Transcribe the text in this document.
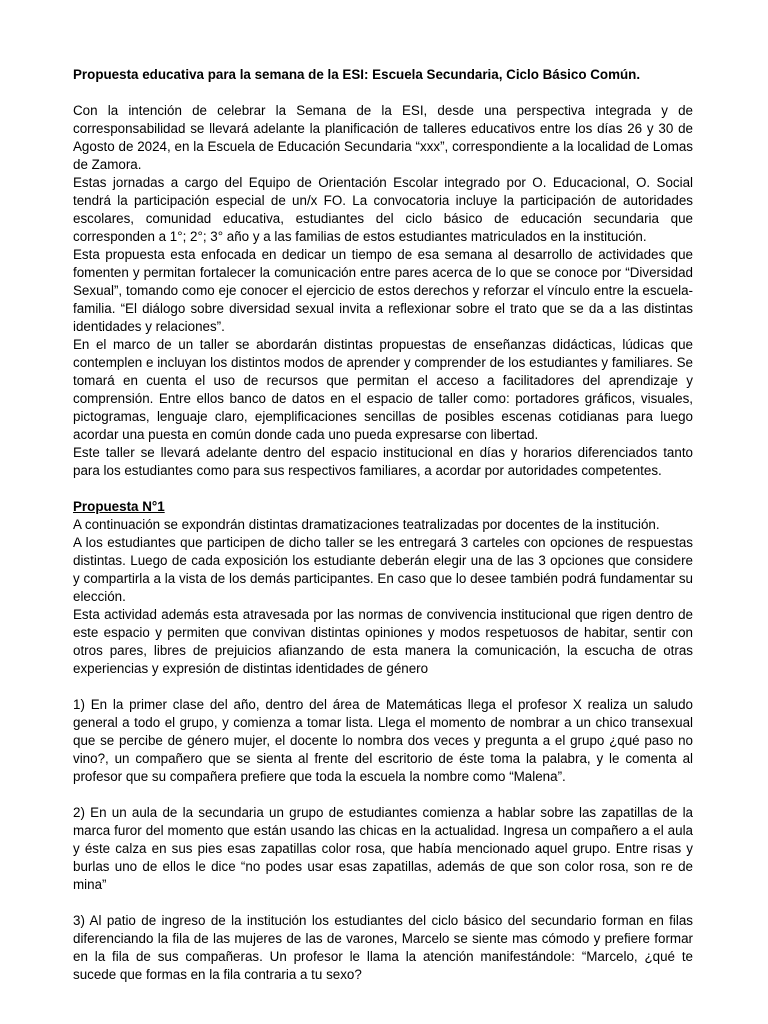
Propuesta educativa para la semana de la ESI: Escuela Secundaria, Ciclo Básico Común.

Con la intención de celebrar la Semana de la ESI, desde una perspectiva integrada y de corresponsabilidad se llevará adelante la planificación de talleres educativos entre los días 26 y 30 de Agosto de 2024, en la Escuela de Educación Secundaria “xxx”, correspondiente a la localidad de Lomas de Zamora.

Estas jornadas a cargo del Equipo de Orientación Escolar integrado por O. Educacional, O. Social tendrá la participación especial de un/x FO. La convocatoria incluye la participación de autoridades escolares, comunidad educativa, estudiantes del ciclo básico de educación secundaria que corresponden a 1°; 2°; 3° año y a las familias de estos estudiantes matriculados en la institución.

Esta propuesta esta enfocada en dedicar un tiempo de esa semana al desarrollo de actividades que fomenten y permitan fortalecer la comunicación entre pares acerca de lo que se conoce por “Diversidad Sexual”, tomando como eje conocer el ejercicio de estos derechos y reforzar el vínculo entre la escuela-familia. “El diálogo sobre diversidad sexual invita a reflexionar sobre el trato que se da a las distintas identidades y relaciones”.

En el marco de un taller se abordarán distintas propuestas de enseñanzas didácticas, lúdicas que contemplen e incluyan los distintos modos de aprender y comprender de los estudiantes y familiares. Se tomará en cuenta el uso de recursos que permitan el acceso a facilitadores del aprendizaje y comprensión. Entre ellos banco de datos en el espacio de taller como: portadores gráficos, visuales, pictogramas, lenguaje claro, ejemplificaciones sencillas de posibles escenas cotidianas para luego acordar una puesta en común donde cada uno pueda expresarse con libertad.

Este taller se llevará adelante dentro del espacio institucional en días y horarios diferenciados tanto para los estudiantes como para sus respectivos familiares, a acordar por autoridades competentes.

Propuesta N°1

A continuación se expondrán distintas dramatizaciones teatralizadas por docentes de la institución.

A los estudiantes que participen de dicho taller se les entregará 3 carteles con opciones de respuestas distintas. Luego de cada exposición los estudiante deberán elegir una de las 3 opciones que considere y compartirla a la vista de los demás participantes. En caso que lo desee también podrá fundamentar su elección.

Esta actividad además esta atravesada por las normas de convivencia institucional que rigen dentro de este espacio y permiten que convivan distintas opiniones y modos respetuosos de habitar, sentir con otros pares, libres de prejuicios afianzando de esta manera la comunicación, la escucha de otras experiencias y expresión de distintas identidades de género

1) En la primer clase del año, dentro del área de Matemáticas llega el profesor X realiza un saludo general a todo el grupo, y comienza a tomar lista. Llega el momento de nombrar a un chico transexual que se percibe de género mujer, el docente lo nombra dos veces y pregunta a el grupo ¿qué paso no vino?, un compañero que se sienta al frente del escritorio de éste toma la palabra, y le comenta al profesor que su compañera prefiere que toda la escuela la nombre como “Malena”.

2) En un aula de la secundaria un grupo de estudiantes comienza a hablar sobre las zapatillas de la marca furor del momento que están usando las chicas en la actualidad. Ingresa un compañero a el aula y éste calza en sus pies esas zapatillas color rosa, que había mencionado aquel grupo. Entre risas y burlas uno de ellos le dice “no podes usar esas zapatillas, además de que son color rosa, son re de mina”

3) Al patio de ingreso de la institución los estudiantes del ciclo básico del secundario forman en filas diferenciando la fila de las mujeres de las de varones, Marcelo se siente mas cómodo y prefiere formar en la fila de sus compañeras. Un profesor le llama la atención manifestándole: “Marcelo, ¿qué te sucede que formas en la fila contraria a tu sexo?
